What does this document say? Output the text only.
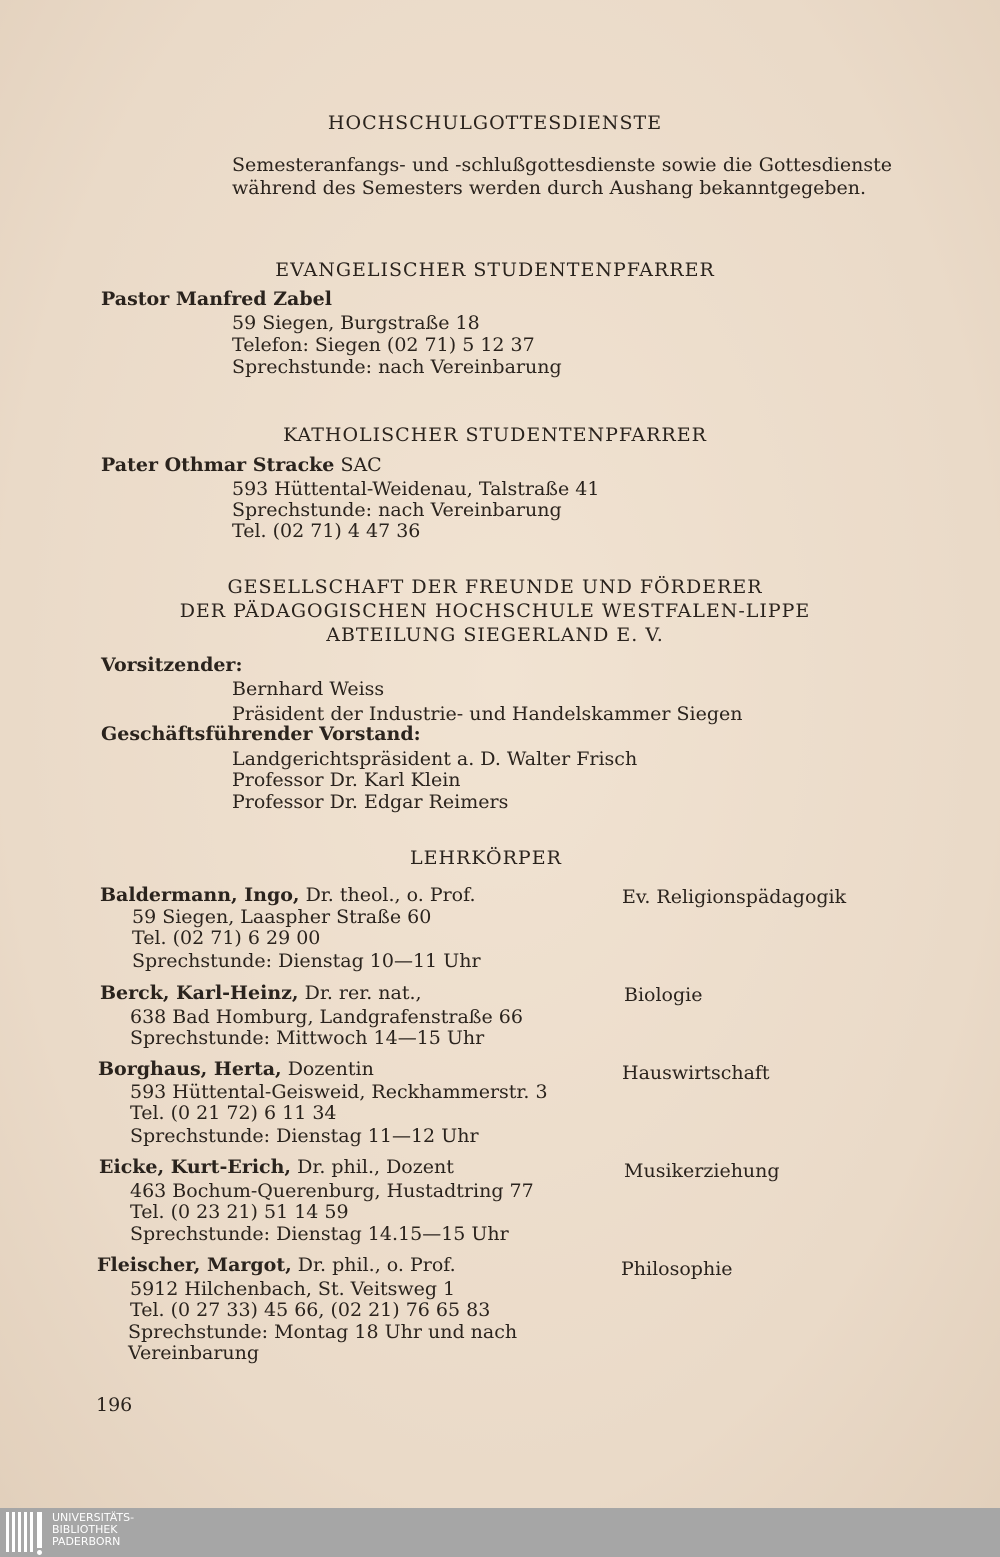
HOCHSCHULGOTTESDIENSTE
Semesteranfangs- und -schlußgottesdienste sowie die Gottesdienste während des Semesters werden durch Aushang bekanntgegeben.
EVANGELISCHER STUDENTENPFARRER
Pastor Manfred Zabel
59 Siegen, Burgstraße 18
Telefon: Siegen (02 71) 5 12 37
Sprechstunde: nach Vereinbarung
KATHOLISCHER STUDENTENPFARRER
Pater Othmar Stracke SAC
593 Hüttental-Weidenau, Talstraße 41
Sprechstunde: nach Vereinbarung
Tel. (02 71) 4 47 36
GESELLSCHAFT DER FREUNDE UND FÖRDERER
DER PÄDAGOGISCHEN HOCHSCHULE WESTFALEN-LIPPE
ABTEILUNG SIEGERLAND E. V.
Vorsitzender:
Bernhard Weiss
Präsident der Industrie- und Handelskammer Siegen
Geschäftsführender Vorstand:
Landgerichtspräsident a. D. Walter Frisch
Professor Dr. Karl Klein
Professor Dr. Edgar Reimers
LEHRKÖRPER
Baldermann, Ingo, Dr. theol., o. Prof.	Ev. Religionspädagogik
59 Siegen, Laaspher Straße 60
Tel. (02 71) 6 29 00
Sprechstunde: Dienstag 10—11 Uhr
Berck, Karl-Heinz, Dr. rer. nat.,	Biologie
638 Bad Homburg, Landgrafenstraße 66
Sprechstunde: Mittwoch 14—15 Uhr
Borghaus, Herta, Dozentin	Hauswirtschaft
593 Hüttental-Geisweid, Reckhammerstr. 3
Tel. (0 21 72) 6 11 34
Sprechstunde: Dienstag 11—12 Uhr
Eicke, Kurt-Erich, Dr. phil., Dozent	Musikerziehung
463 Bochum-Querenburg, Hustadtring 77
Tel. (0 23 21) 51 14 59
Sprechstunde: Dienstag 14.15—15 Uhr
Fleischer, Margot, Dr. phil., o. Prof.	Philosophie
5912 Hilchenbach, St. Veitsweg 1
Tel. (0 27 33) 45 66, (02 21) 76 65 83
Sprechstunde: Montag 18 Uhr und nach
Vereinbarung
196
UNIVERSITÄTS-
BIBLIOTHEK
PADERBORN
